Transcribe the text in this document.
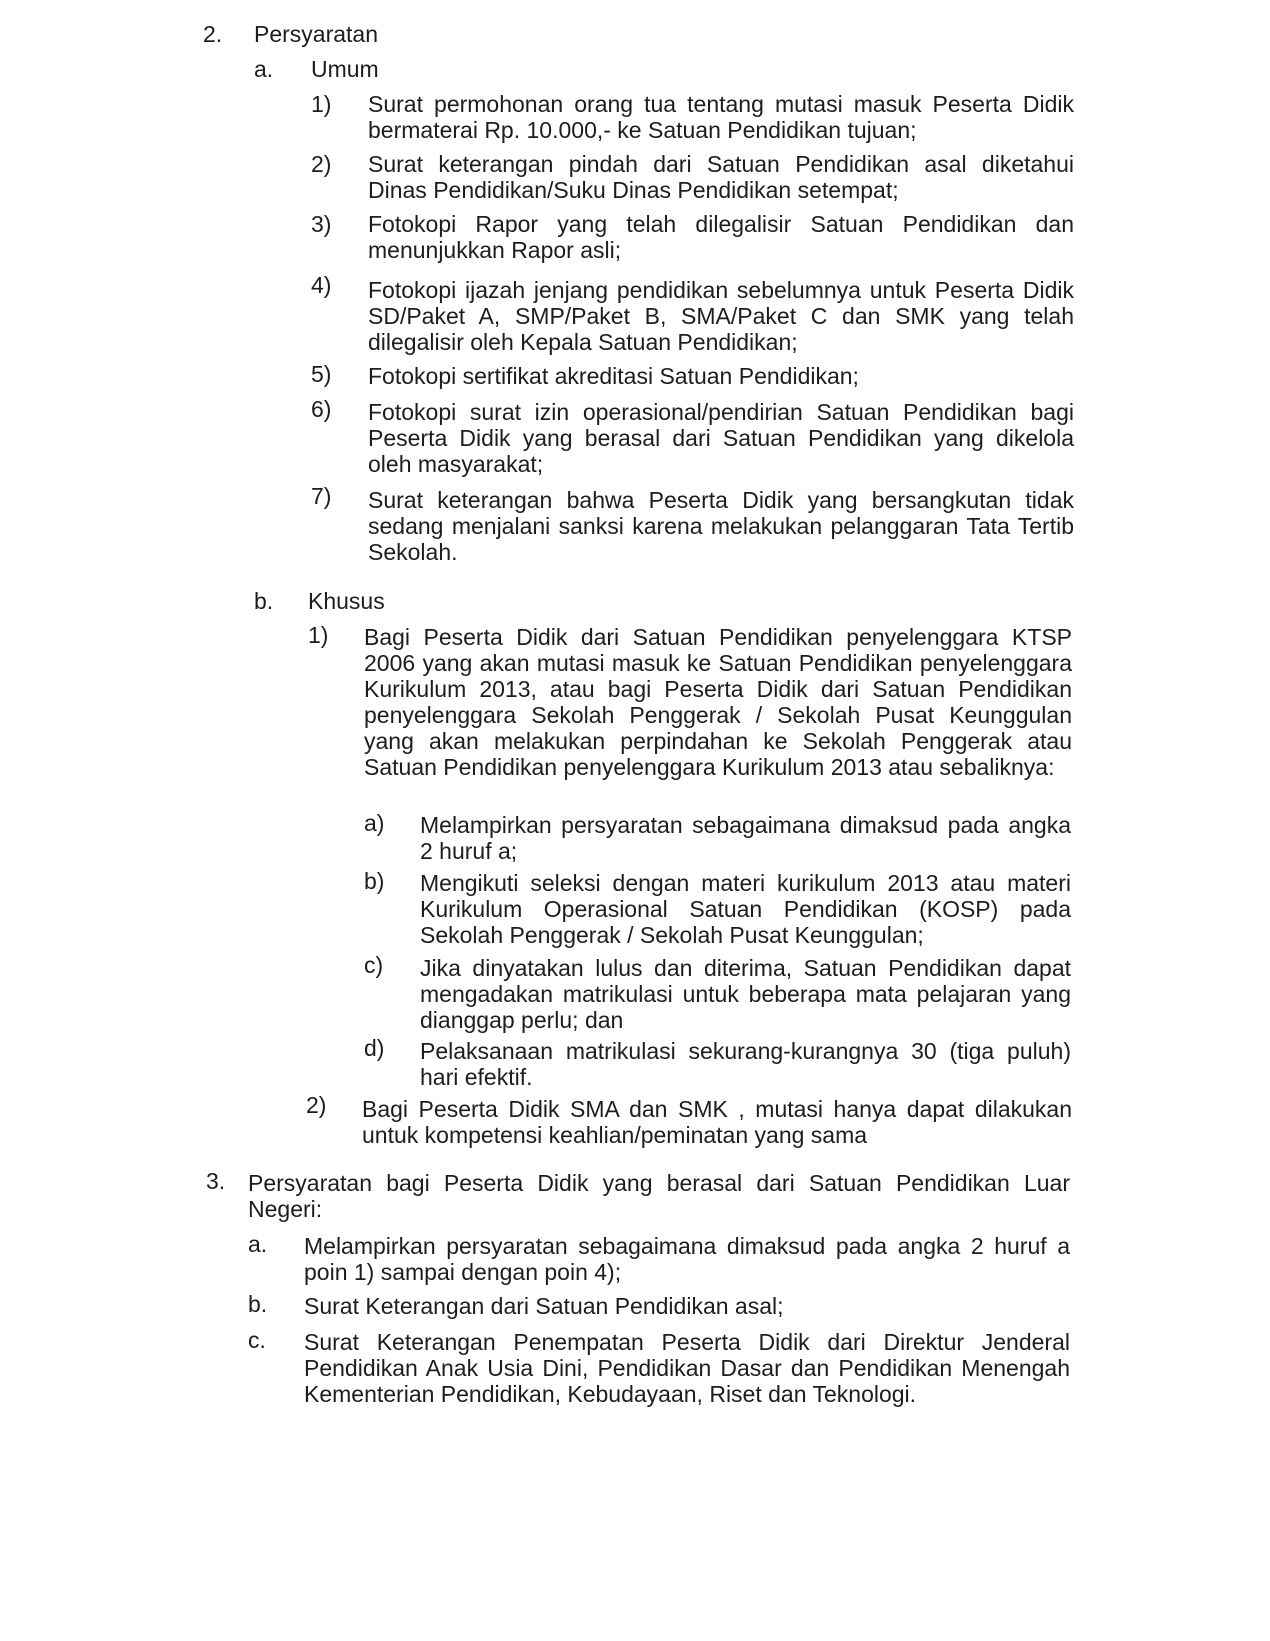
2. Persyaratan
a. Umum
1) Surat permohonan orang tua tentang mutasi masuk Peserta Didik bermaterai Rp. 10.000,- ke Satuan Pendidikan tujuan;
2) Surat keterangan pindah dari Satuan Pendidikan asal diketahui Dinas Pendidikan/Suku Dinas Pendidikan setempat;
3) Fotokopi Rapor yang telah dilegalisir Satuan Pendidikan dan menunjukkan Rapor asli;
4) Fotokopi ijazah jenjang pendidikan sebelumnya untuk Peserta Didik SD/Paket A, SMP/Paket B, SMA/Paket C dan SMK yang telah dilegalisir oleh Kepala Satuan Pendidikan;
5) Fotokopi sertifikat akreditasi Satuan Pendidikan;
6) Fotokopi surat izin operasional/pendirian Satuan Pendidikan bagi Peserta Didik yang berasal dari Satuan Pendidikan yang dikelola oleh masyarakat;
7) Surat keterangan bahwa Peserta Didik yang bersangkutan tidak sedang menjalani sanksi karena melakukan pelanggaran Tata Tertib Sekolah.
b. Khusus
1) Bagi Peserta Didik dari Satuan Pendidikan penyelenggara KTSP 2006 yang akan mutasi masuk ke Satuan Pendidikan penyelenggara Kurikulum 2013, atau bagi Peserta Didik dari Satuan Pendidikan penyelenggara Sekolah Penggerak / Sekolah Pusat Keunggulan yang akan melakukan perpindahan ke Sekolah Penggerak atau Satuan Pendidikan penyelenggara Kurikulum 2013 atau sebaliknya:
a) Melampirkan persyaratan sebagaimana dimaksud pada angka 2 huruf a;
b) Mengikuti seleksi dengan materi kurikulum 2013 atau materi Kurikulum Operasional Satuan Pendidikan (KOSP) pada Sekolah Penggerak / Sekolah Pusat Keunggulan;
c) Jika dinyatakan lulus dan diterima, Satuan Pendidikan dapat mengadakan matrikulasi untuk beberapa mata pelajaran yang dianggap perlu; dan
d) Pelaksanaan matrikulasi sekurang-kurangnya 30 (tiga puluh) hari efektif.
2) Bagi Peserta Didik SMA dan SMK , mutasi hanya dapat dilakukan untuk kompetensi keahlian/peminatan yang sama
3. Persyaratan bagi Peserta Didik yang berasal dari Satuan Pendidikan Luar Negeri:
a. Melampirkan persyaratan sebagaimana dimaksud pada angka 2 huruf a poin 1) sampai dengan poin 4);
b. Surat Keterangan dari Satuan Pendidikan asal;
c. Surat Keterangan Penempatan Peserta Didik dari Direktur Jenderal Pendidikan Anak Usia Dini, Pendidikan Dasar dan Pendidikan Menengah Kementerian Pendidikan, Kebudayaan, Riset dan Teknologi.
